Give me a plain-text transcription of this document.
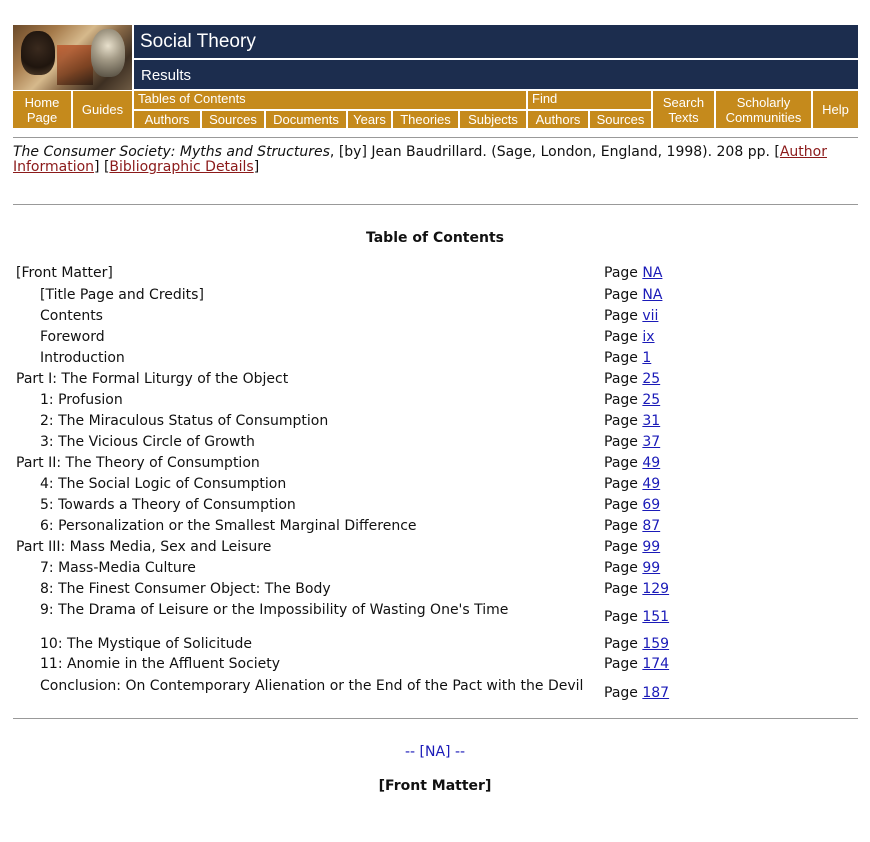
Social Theory
Results
Home Page	Guides
Tables of Contents
Authors	Sources	Documents	Years	Theories	Subjects
Find
Authors	Sources
Search Texts
Scholarly Communities	Help
The Consumer Society: Myths and Structures, [by] Jean Baudrillard. (Sage, London, England, 1998). 208 pp. [Author Information] [Bibliographic Details]
Table of Contents
[Front Matter]	Page NA
[Title Page and Credits]	Page NA
Contents	Page vii
Foreword	Page ix
Introduction	Page 1
Part I: The Formal Liturgy of the Object	Page 25
1: Profusion	Page 25
2: The Miraculous Status of Consumption	Page 31
3: The Vicious Circle of Growth	Page 37
Part II: The Theory of Consumption	Page 49
4: The Social Logic of Consumption	Page 49
5: Towards a Theory of Consumption	Page 69
6: Personalization or the Smallest Marginal Difference	Page 87
Part III: Mass Media, Sex and Leisure	Page 99
7: Mass-Media Culture	Page 99
8: The Finest Consumer Object: The Body	Page 129
9: The Drama of Leisure or the Impossibility of Wasting One's Time	Page 151
10: The Mystique of Solicitude	Page 159
11: Anomie in the Affluent Society	Page 174
Conclusion: On Contemporary Alienation or the End of the Pact with the Devil	Page 187
-- [NA] --
[Front Matter]
